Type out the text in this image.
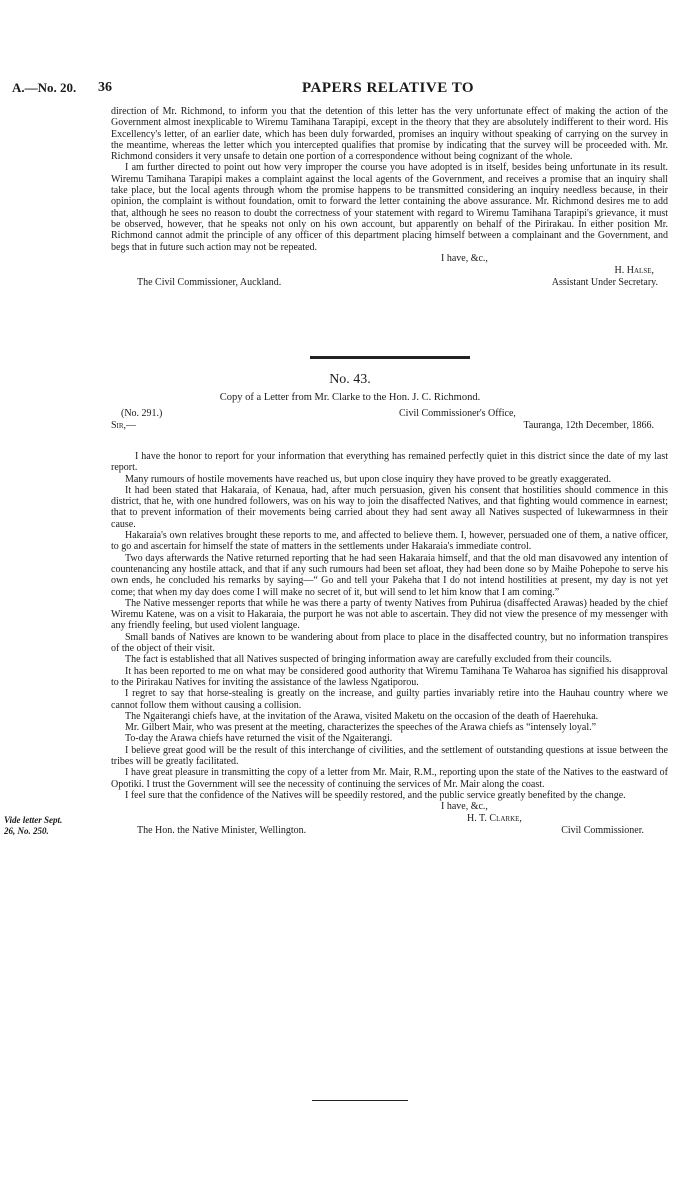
A.—No. 20. 36	PAPERS RELATIVE TO

direction of Mr. Richmond, to inform you that the detention of this letter has the very unfortunate effect of making the action of the Government almost inexplicable to Wiremu Tamihana Tarapipi, except in the theory that they are absolutely indifferent to their word. His Excellency's letter, of an earlier date, which has been duly forwarded, promises an inquiry without speaking of carrying on the survey in the meantime, whereas the letter which you intercepted qualifies that promise by indicating that the survey will be proceeded with. Mr. Richmond considers it very unsafe to detain one portion of a correspondence without being cognizant of the whole.

I am further directed to point out how very improper the course you have adopted is in itself, besides being unfortunate in its result. Wiremu Tamihana Tarapipi makes a complaint against the local agents of the Government, and receives a promise that an inquiry shall take place, but the local agents through whom the promise happens to be transmitted considering an inquiry needless because, in their opinion, the complaint is without foundation, omit to forward the letter containing the above assurance. Mr. Richmond desires me to add that, although he sees no reason to doubt the correctness of your statement with regard to Wiremu Tamihana Tarapipi's grievance, it must be observed, however, that he speaks not only on his own account, but apparently on behalf of the Pirirakau. In either position Mr. Richmond cannot admit the principle of any officer of this department placing himself between a complainant and the Government, and begs that in future such action may not be repeated.

I have, &c.,
H. Halse,
The Civil Commissioner, Auckland.	Assistant Under Secretary.
No. 43.
Copy of a Letter from Mr. Clarke to the Hon. J. C. Richmond.
(No. 291.)	Civil Commissioner's Office,
Sir,—	Tauranga, 12th December, 1866.
Vide letter Sept.
26, No. 250.

I have the honor to report for your information that everything has remained perfectly quiet in this district since the date of my last report.

Many rumours of hostile movements have reached us, but upon close inquiry they have proved to be greatly exaggerated.

It had been stated that Hakaraia, of Kenaua, had, after much persuasion, given his consent that hostilities should commence in this district, that he, with one hundred followers, was on his way to join the disaffected Natives, and that fighting would commence in earnest; that to prevent information of their movements being carried about they had sent away all Natives suspected of lukewarmness in their cause.

Hakaraia's own relatives brought these reports to me, and affected to believe them. I, however, persuaded one of them, a native officer, to go and ascertain for himself the state of matters in the settlements under Hakaraia's immediate control.

Two days afterwards the Native returned reporting that he had seen Hakaraia himself, and that the old man disavowed any intention of countenancing any hostile attack, and that if any such rumours had been set afloat, they had been done so by Maihe Pohepohe to serve his own ends, he concluded his remarks by saying—“ Go and tell your Pakeha that I do not intend hostilities at present, my day is not yet come; that when my day does come I will make no secret of it, but will send to let him know that I am coming.”

The Native messenger reports that while he was there a party of twenty Natives from Puhirua (disaffected Arawas) headed by the chief Wiremu Katene, was on a visit to Hakaraia, the purport he was not able to ascertain. They did not view the presence of my messenger with any friendly feeling, but used violent language.

Small bands of Natives are known to be wandering about from place to place in the disaffected country, but no information transpires of the object of their visit.

The fact is established that all Natives suspected of bringing information away are carefully excluded from their councils.

It has been reported to me on what may be considered good authority that Wiremu Tamihana Te Waharoa has signified his disapproval to the Pirirakau Natives for inviting the assistance of the lawless Ngatiporou.

I regret to say that horse-stealing is greatly on the increase, and guilty parties invariably retire into the Hauhau country where we cannot follow them without causing a collision.

The Ngaiterangi chiefs have, at the invitation of the Arawa, visited Maketu on the occasion of the death of Haerehuka.

Mr. Gilbert Mair, who was present at the meeting, characterizes the speeches of the Arawa chiefs as “intensely loyal.”

To-day the Arawa chiefs have returned the visit of the Ngaiterangi.

I believe great good will be the result of this interchange of civilities, and the settlement of outstanding questions at issue between the tribes will be greatly facilitated.

I have great pleasure in transmitting the copy of a letter from Mr. Mair, R.M., reporting upon the state of the Natives to the eastward of Opotiki. I trust the Government will see the necessity of continuing the services of Mr. Mair along the coast.

I feel sure that the confidence of the Natives will be speedily restored, and the public service greatly benefited by the change.

I have, &c.,
H. T. Clarke,
The Hon. the Native Minister, Wellington.	Civil Commissioner.
